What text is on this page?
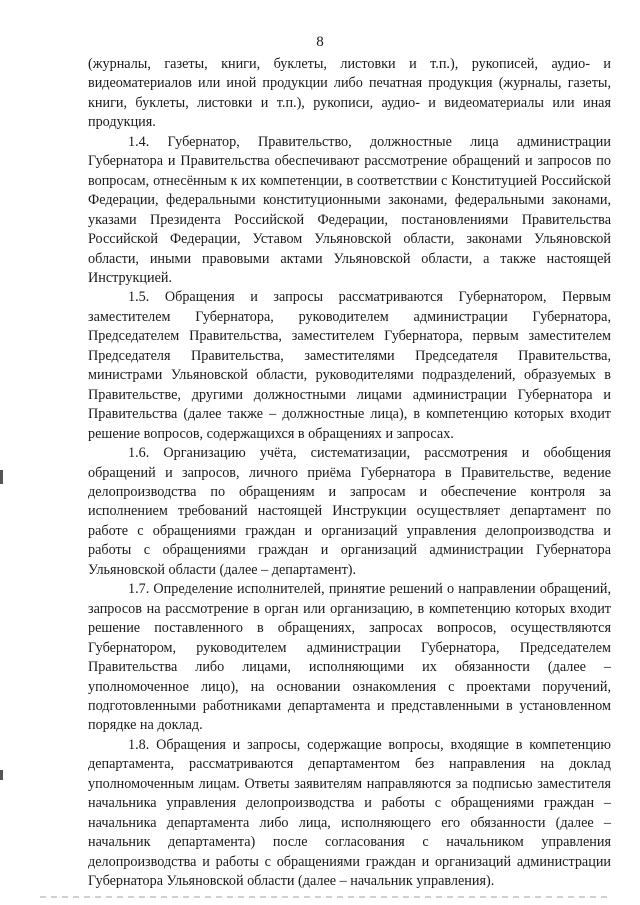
8

(журналы, газеты, книги, буклеты, листовки и т.п.), рукописей, аудио- и видеоматериалов или иной продукции либо печатная продукция (журналы, газеты, книги, буклеты, листовки и т.п.), рукописи, аудио- и видеоматериалы или иная продукция.

1.4. Губернатор, Правительство, должностные лица администрации Губернатора и Правительства обеспечивают рассмотрение обращений и запросов по вопросам, отнесённым к их компетенции, в соответствии с Конституцией Российской Федерации, федеральными конституционными законами, федеральными законами, указами Президента Российской Федерации, постановлениями Правительства Российской Федерации, Уставом Ульяновской области, законами Ульяновской области, иными правовыми актами Ульяновской области, а также настоящей Инструкцией.

1.5. Обращения и запросы рассматриваются Губернатором, Первым заместителем Губернатора, руководителем администрации Губернатора, Председателем Правительства, заместителем Губернатора, первым заместителем Председателя Правительства, заместителями Председателя Правительства, министрами Ульяновской области, руководителями подразделений, образуемых в Правительстве, другими должностными лицами администрации Губернатора и Правительства (далее также – должностные лица), в компетенцию которых входит решение вопросов, содержащихся в обращениях и запросах.

1.6. Организацию учёта, систематизации, рассмотрения и обобщения обращений и запросов, личного приёма Губернатора в Правительстве, ведение делопроизводства по обращениям и запросам и обеспечение контроля за исполнением требований настоящей Инструкции осуществляет департамент по работе с обращениями граждан и организаций управления делопроизводства и работы с обращениями граждан и организаций администрации Губернатора Ульяновской области (далее – департамент).

1.7. Определение исполнителей, принятие решений о направлении обращений, запросов на рассмотрение в орган или организацию, в компетенцию которых входит решение поставленного в обращениях, запросах вопросов, осуществляются Губернатором, руководителем администрации Губернатора, Председателем Правительства либо лицами, исполняющими их обязанности (далее – уполномоченное лицо), на основании ознакомления с проектами поручений, подготовленными работниками департамента и представленными в установленном порядке на доклад.

1.8. Обращения и запросы, содержащие вопросы, входящие в компетенцию департамента, рассматриваются департаментом без направления на доклад уполномоченным лицам. Ответы заявителям направляются за подписью заместителя начальника управления делопроизводства и работы с обращениями граждан – начальника департамента либо лица, исполняющего его обязанности (далее – начальник департамента) после согласования с начальником управления делопроизводства и работы с обращениями граждан и организаций администрации Губернатора Ульяновской области (далее – начальник управления).
